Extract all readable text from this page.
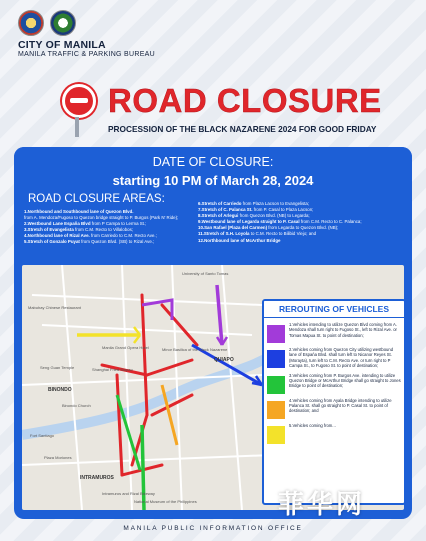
CITY OF MANILA
MANILA TRAFFIC & PARKING BUREAU
ROAD CLOSURE
PROCESSION OF THE BLACK NAZARENE 2024 FOR GOOD FRIDAY
DATE OF CLOSURE:
starting 10 PM of March 28, 2024
ROAD CLOSURE AREAS:
1.Northbound and Southbound lane of Quezon Blvd.
from A. Mendoza/Fugoso to Quezon bridge straight to P. Burgos (Park N' Ride);
2.Westbound Lane Espaňa Blvd from P Campa to Lerma St.;
3.Stretch of Evangelista from C.M. Recto to Villalobos;
4.Northbound lane of Rizal Ave. from Carriedo to C.M. Recto Ave.;
5.Stretch of Gonzalo Puyat from Quezon Blvd. (SB) to Rizal Ave.;
6.Stretch of Carriedo from Plaza Lacson to Evangelista;
7.Stretch of C. Palanca St. from P. Casal to Plaza Lacson;
8.Stretch of Arlegui from Quezon Blvd. (NB) to Legarda;
9.Westbound lane of Legarda straight to P. Casal from C.M. Recto to C. Palanca;
10.San Rafael (Plaza del Carmen) from Legarda to Quezon Blvd. (NB);
11.Stretch of S.H. Loyola to C.M. Recto to Bilibid Viejo; and
12.Northbound lane of McArthur Bridge
University of Santo Tomas
Minor Basilica of the Black Nazarene
Manila Grand Opera Hotel
Shanghai Fried Siopao
BINONDO
QUIAPO
INTRAMUROS
Seng Guan Temple
Binondo Church
Plaza Moriones
Fort Santiago
Intramuros and Rizal Bikeway
National Museum of the Philippines
Mabuhay Chinese Restaurant	REROUTING OF VEHICLES
1.Vehicles intending to utilize Quezon Blvd coming from A. Mendoza shall turn right to Fugoso St., left to Rizal Ave. or Tomas Mapua St. to point of destination;
2.Vehicles coming from Quezon City utilizing westbound lane of Espańa Blvd. shall turn left to Nicanor Reyes St. (Morayta), turn left to C.M. Recto Ave. or turn right to P Campa St., to Fugoso St. to point of destination;
3.Vehicles coming from P. Burgos Ave. intending to utilize Quezon Bridge or McArthur Bridge shall go straight to Jones Bridge to point of destination;
4.Vehicles coming from Ayala Bridge intending to utilize Palanca St. shall go straight to P. Casal St. to point of destination; and
5.Vehicles coming from...
菲华网
MANILA PUBLIC INFORMATION OFFICE
